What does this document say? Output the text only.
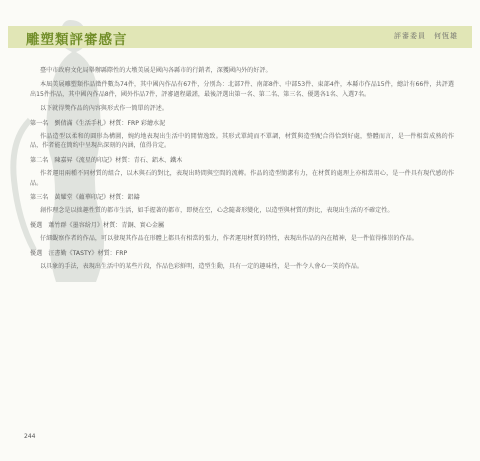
雕塑類評審感言	評審委員　何恆雄

臺中市政府文化局舉辦縣際性的大墩美展是國內各縣市的行銷者，深獲國內外的好評。

本屆美展雕塑類作品徵件數為74件，其中國內作品有67件，分別為：北部7件、南部8件、中部53件、東部4件，本縣市作品15件，總計有66件，共評選出15件作品，其中國內作品8件，國外作品7件，評審過程嚴謹，最後評選出第一名、第二名、第三名、優選各1名、入選7名。

以下就得獎作品的內容與形式作一簡單的評述。

第一名　劉倩滿《生活手札》材質：FRP 彩繪水泥

作品造型以柔和的圓形為構圖，婉約地表現出生活中的閒情逸致。其形式單純而不單調，材質與造型配合得恰到好處，整體而言，是一件相當成熟的作品，作者能在簡約中呈現出深刻的內涵，值得肯定。

第二名　陳嘉昇《流星的印記》材質：青石、鋁木、鐵木

作者運用兩種不同材質的組合，以木與石的對比，表現出時間與空間的流轉。作品的造型簡潔有力，在材質的處理上亦相當用心，是一件具有現代感的作品。

第三名　黃耀堂《蘊華印記》材質：鋁鑄

創作理念是以拙趣性質的都市生活，如手握著的都市，即便在空，心念隨著形變化，以造型與材質的對比，表現出生活的不確定性。

優選　蕭竹群《墨容紛月》材質：青銅、實心金屬

仔細觀察作者的作品，可以發現其作品在形體上都具有相當的張力，作者運用材質的特性，表現出作品的內在精神，是一件值得推崇的作品。

優選　汪書勤《TASTY》材質：FRP

以具象的手法，表現出生活中的某些片段，作品色彩鮮明，造型生動，具有一定的趣味性，是一件令人會心一笑的作品。

244
